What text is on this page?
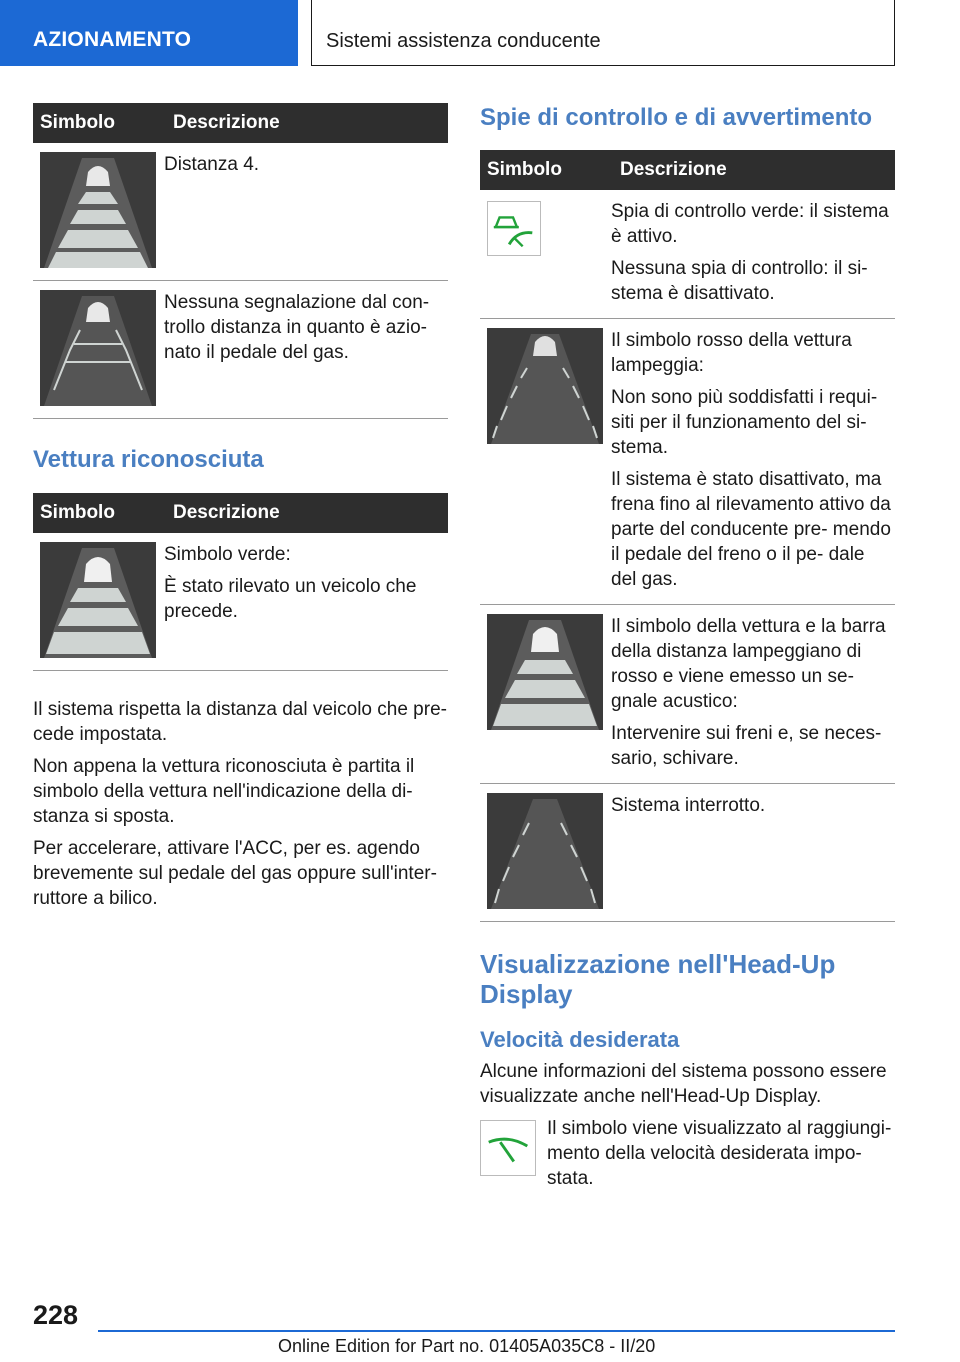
AZIONAMENTO	Sistemi assistenza conducente
Simbolo	Descrizione

Distanza 4.

Nessuna segnalazione dal con- trollo distanza in quanto è azio- nato il pedale del gas.

Vettura riconosciuta
Simbolo	Descrizione

Simbolo verde:

È stato rilevato un veicolo che precede.

Il sistema rispetta la distanza dal veicolo che pre- cede impostata.

Non appena la vettura riconosciuta è partita il simbolo della vettura nell'indicazione della di- stanza si sposta.

Per accelerare, attivare l'ACC, per es. agendo brevemente sul pedale del gas oppure sull'inter- ruttore a bilico.

Spie di controllo e di avvertimento
Simbolo	Descrizione

Spia di controllo verde: il sistema è attivo.

Nessuna spia di controllo: il si- stema è disattivato.

Il simbolo rosso della vettura lampeggia:

Non sono più soddisfatti i requi- siti per il funzionamento del si- stema.

Il sistema è stato disattivato, ma frena fino al rilevamento attivo da parte del conducente pre- mendo il pedale del freno o il pe- dale del gas.

Il simbolo della vettura e la barra della distanza lampeggiano di rosso e viene emesso un se- gnale acustico:

Intervenire sui freni e, se neces- sario, schivare.

Sistema interrotto.

Visualizzazione nell'Head-Up Display
Velocità desiderata

Alcune informazioni del sistema possono essere visualizzate anche nell'Head-Up Display.

Il simbolo viene visualizzato al raggiungi- mento della velocità desiderata impo- stata.

228
Online Edition for Part no. 01405A035C8 - II/20
